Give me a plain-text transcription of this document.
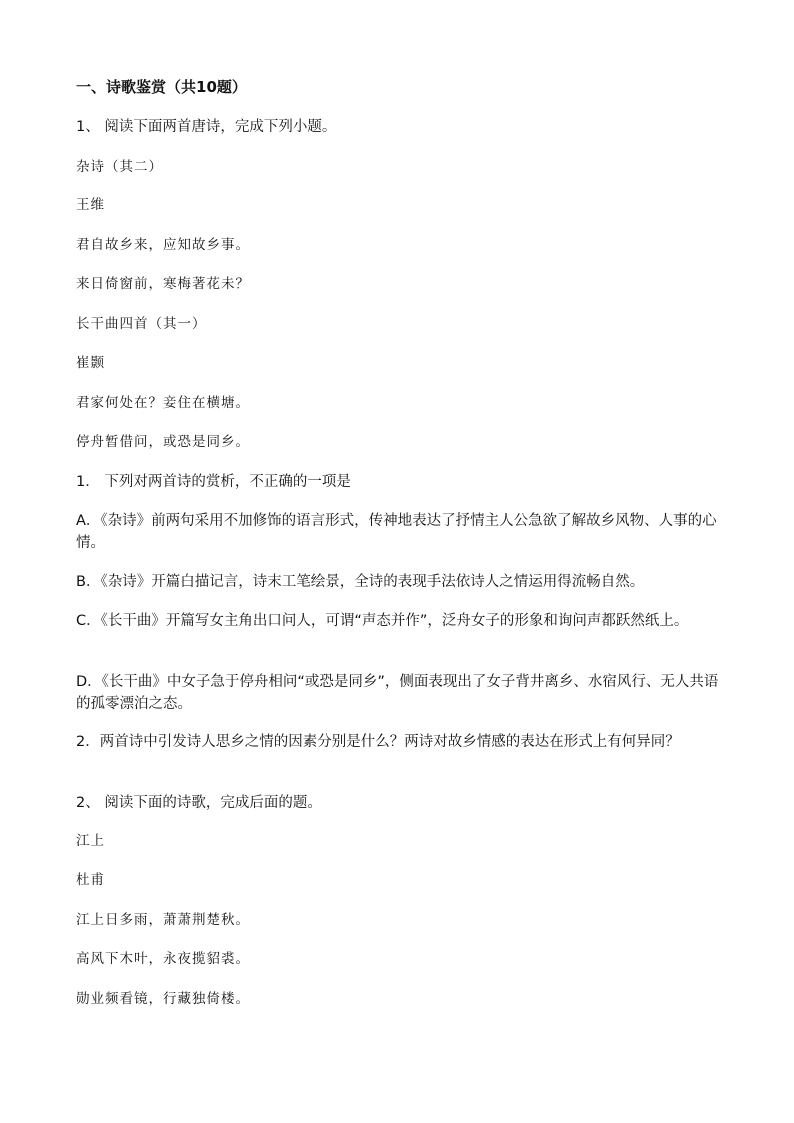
一、诗歌鉴赏（共10题）
1、 阅读下面两首唐诗，完成下列小题。
杂诗（其二）
王维
君自故乡来，应知故乡事。
来日倚窗前，寒梅著花未？
长干曲四首（其一）
崔颢
君家何处在？妾住在横塘。
停舟暂借问，或恐是同乡。
1． 下列对两首诗的赏析，不正确的一项是
A．《杂诗》前两句采用不加修饰的语言形式，传神地表达了抒情主人公急欲了解故乡风物、人事的心情。
B．《杂诗》开篇白描记言，诗末工笔绘景，全诗的表现手法依诗人之情运用得流畅自然。
C．《长干曲》开篇写女主角出口问人，可谓“声态并作”，泛舟女子的形象和询问声都跃然纸上。
D．《长干曲》中女子急于停舟相问“或恐是同乡”，侧面表现出了女子背井离乡、水宿风行、无人共语的孤零漂泊之态。
2．两首诗中引发诗人思乡之情的因素分别是什么？两诗对故乡情感的表达在形式上有何异同？
2、 阅读下面的诗歌，完成后面的题。
江上
杜甫
江上日多雨，萧萧荆楚秋。
高风下木叶，永夜揽貂裘。
勋业频看镜，行藏独倚楼。
